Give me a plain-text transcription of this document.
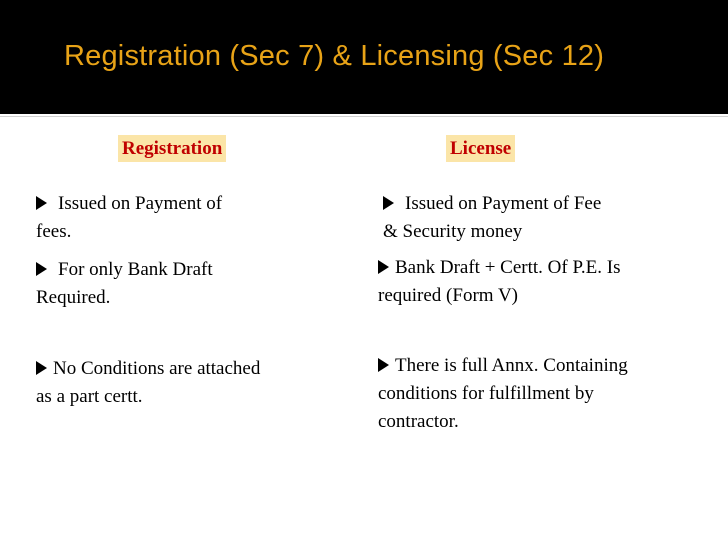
Registration (Sec 7) & Licensing (Sec 12)
Registration	License
Issued on Payment of
fees.
Issued on Payment of Fee
& Security money
For only Bank Draft
Required.
Bank Draft + Certt. Of P.E. Is
required (Form V)
No Conditions are attached
as a part certt.
There is full Annx. Containing
conditions for fulfillment by
contractor.
